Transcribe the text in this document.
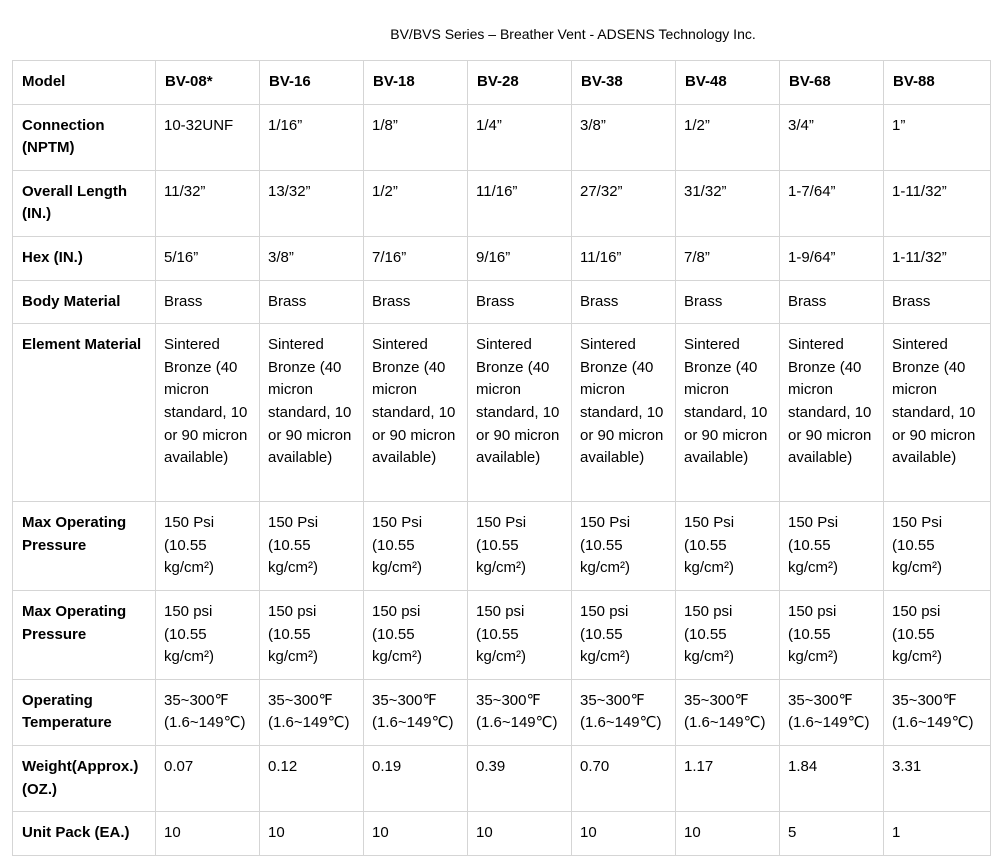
BV/BVS Series – Breather Vent - ADSENS Technology Inc.
Model	BV-08*	BV-16	BV-18	BV-28	BV-38	BV-48	BV-68	BV-88
Connection (NPTM)	10-32UNF	1/16”	1/8”	1/4”	3/8”	1/2”	3/4”	1”
Overall Length (IN.)	11/32”	13/32”	1/2”	11/16”	27/32”	31/32”	1-7/64”	1-11/32”
Hex (IN.)	5/16”	3/8”	7/16”	9/16”	11/16”	7/8”	1-9/64”	1-11/32”
Body Material	Brass	Brass	Brass	Brass	Brass	Brass	Brass	Brass
Element Material	Sintered Bronze (40 micron standard, 10 or 90 micron available)	Sintered Bronze (40 micron standard, 10 or 90 micron available)	Sintered Bronze (40 micron standard, 10 or 90 micron available)	Sintered Bronze (40 micron standard, 10 or 90 micron available)	Sintered Bronze (40 micron standard, 10 or 90 micron available)	Sintered Bronze (40 micron standard, 10 or 90 micron available)	Sintered Bronze (40 micron standard, 10 or 90 micron available)	Sintered Bronze (40 micron standard, 10 or 90 micron available)
Max Operating Pressure	150 Psi (10.55 kg/cm²)	150 Psi (10.55 kg/cm²)	150 Psi (10.55 kg/cm²)	150 Psi (10.55 kg/cm²)	150 Psi (10.55 kg/cm²)	150 Psi (10.55 kg/cm²)	150 Psi (10.55 kg/cm²)	150 Psi (10.55 kg/cm²)
Max Operating Pressure	150 psi (10.55 kg/cm²)	150 psi (10.55 kg/cm²)	150 psi (10.55 kg/cm²)	150 psi (10.55 kg/cm²)	150 psi (10.55 kg/cm²)	150 psi (10.55 kg/cm²)	150 psi (10.55 kg/cm²)	150 psi (10.55 kg/cm²)
Operating Temperature	35~300℉ (1.6~149℃)	35~300℉ (1.6~149℃)	35~300℉ (1.6~149℃)	35~300℉ (1.6~149℃)	35~300℉ (1.6~149℃)	35~300℉ (1.6~149℃)	35~300℉ (1.6~149℃)	35~300℉ (1.6~149℃)
Weight(Approx.) (OZ.)	0.07	0.12	0.19	0.39	0.70	1.17	1.84	3.31
Unit Pack (EA.)	10	10	10	10	10	10	5	1
